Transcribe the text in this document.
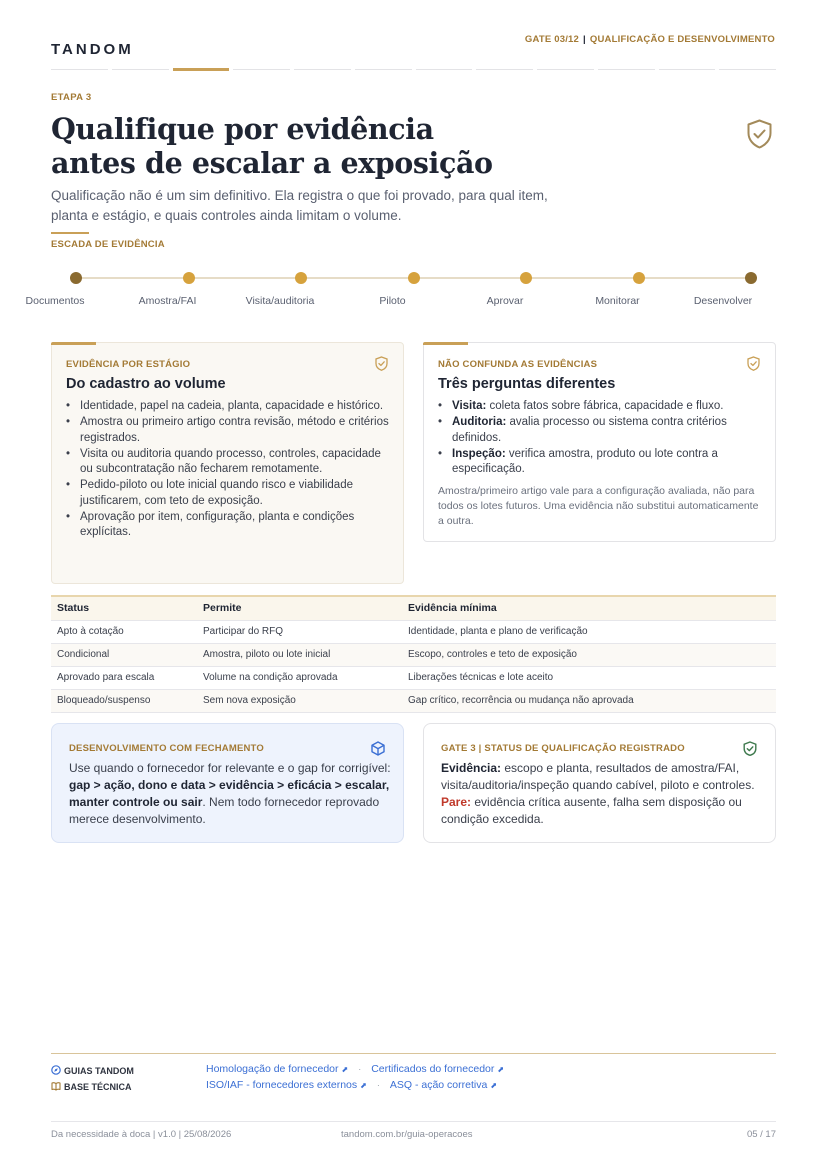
TANDOM
GATE 03/12 | QUALIFICAÇÃO E DESENVOLVIMENTO
ETAPA 3
Qualifique por evidência
antes de escalar a exposição

Qualificação não é um sim definitivo. Ela registra o que foi provado, para qual item, planta e estágio, e quais controles ainda limitam o volume.

ESCADA DE EVIDÊNCIA
Documentos	Amostra/FAI	Visita/auditoria	Piloto	Aprovar	Monitorar	Desenvolver
EVIDÊNCIA POR ESTÁGIO
Do cadastro ao volume
• Identidade, papel na cadeia, planta, capacidade e histórico.
• Amostra ou primeiro artigo contra revisão, método e critérios registrados.
• Visita ou auditoria quando processo, controles, capacidade ou subcontratação não fecharem remotamente.
• Pedido-piloto ou lote inicial quando risco e viabilidade justificarem, com teto de exposição.
• Aprovação por item, configuração, planta e condições explícitas.
NÃO CONFUNDA AS EVIDÊNCIAS
Três perguntas diferentes
• Visita: coleta fatos sobre fábrica, capacidade e fluxo.
• Auditoria: avalia processo ou sistema contra critérios definidos.
• Inspeção: verifica amostra, produto ou lote contra a especificação.

Amostra/primeiro artigo vale para a configuração avaliada, não para todos os lotes futuros. Uma evidência não substitui automaticamente a outra.

Status	Permite	Evidência mínima
Apto à cotação	Participar do RFQ	Identidade, planta e plano de verificação
Condicional	Amostra, piloto ou lote inicial	Escopo, controles e teto de exposição
Aprovado para escala	Volume na condição aprovada	Liberações técnicas e lote aceito
Bloqueado/suspenso	Sem nova exposição	Gap crítico, recorrência ou mudança não aprovada
DESENVOLVIMENTO COM FECHAMENTO

Use quando o fornecedor for relevante e o gap for corrigível: gap > ação, dono e data > evidência > eficácia > escalar, manter controle ou sair. Nem todo fornecedor reprovado merece desenvolvimento.

GATE 3 | STATUS DE QUALIFICAÇÃO REGISTRADO

Evidência: escopo e planta, resultados de amostra/FAI, visita/auditoria/inspeção quando cabível, piloto e controles. Pare: evidência crítica ausente, falha sem disposição ou condição excedida.

GUIAS TANDOM
BASE TÉCNICA
Homologação de fornecedor ⬈ · Certificados do fornecedor ⬈
ISO/IAF - fornecedores externos ⬈ · ASQ - ação corretiva ⬈
Da necessidade à doca | v1.0 | 25/08/2026	tandom.com.br/guia-operacoes	05 / 17
